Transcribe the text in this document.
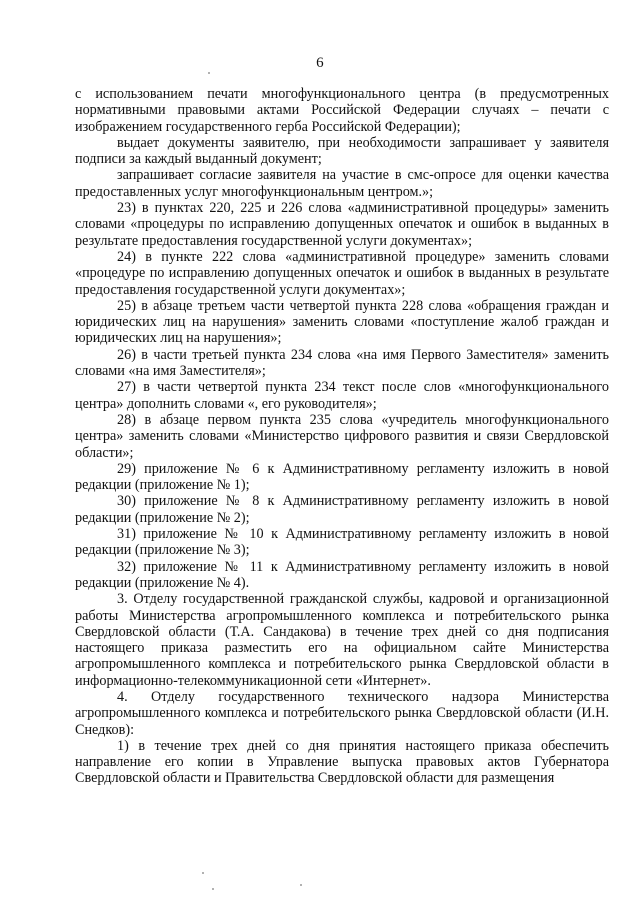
6

с использованием печати многофункционального центра (в предусмотренных нормативными правовыми актами Российской Федерации случаях – печати с изображением государственного герба Российской Федерации);

выдает документы заявителю, при необходимости запрашивает у заявителя подписи за каждый выданный документ;

запрашивает согласие заявителя на участие в смс-опросе для оценки качества предоставленных услуг многофункциональным центром.»;

23) в пунктах 220, 225 и 226 слова «административной процедуры» заменить словами «процедуры по исправлению допущенных опечаток и ошибок в выданных в результате предоставления государственной услуги документах»;

24) в пункте 222 слова «административной процедуре» заменить словами «процедуре по исправлению допущенных опечаток и ошибок в выданных в результате предоставления государственной услуги документах»;

25) в абзаце третьем части четвертой пункта 228 слова «обращения граждан и юридических лиц на нарушения» заменить словами «поступление жалоб граждан и юридических лиц на нарушения»;

26) в части третьей пункта 234 слова «на имя Первого Заместителя» заменить словами «на имя Заместителя»;

27) в части четвертой пункта 234 текст после слов «многофункционального центра» дополнить словами «, его руководителя»;

28) в абзаце первом пункта 235 слова «учредитель многофункционального центра» заменить словами «Министерство цифрового развития и связи Свердловской области»;

29) приложение № 6 к Административному регламенту изложить в новой редакции (приложение № 1);

30) приложение № 8 к Административному регламенту изложить в новой редакции (приложение № 2);

31) приложение № 10 к Административному регламенту изложить в новой редакции (приложение № 3);

32) приложение № 11 к Административному регламенту изложить в новой редакции (приложение № 4).

3. Отделу государственной гражданской службы, кадровой и организационной работы Министерства агропромышленного комплекса и потребительского рынка Свердловской области (Т.А. Сандакова) в течение трех дней со дня подписания настоящего приказа разместить его на официальном сайте Министерства агропромышленного комплекса и потребительского рынка Свердловской области в информационно-телекоммуникационной сети «Интернет».

4. Отделу государственного технического надзора Министерства агропромышленного комплекса и потребительского рынка Свердловской области (И.Н. Снедков):

1) в течение трех дней со дня принятия настоящего приказа обеспечить направление его копии в Управление выпуска правовых актов Губернатора Свердловской области и Правительства Свердловской области для размещения
